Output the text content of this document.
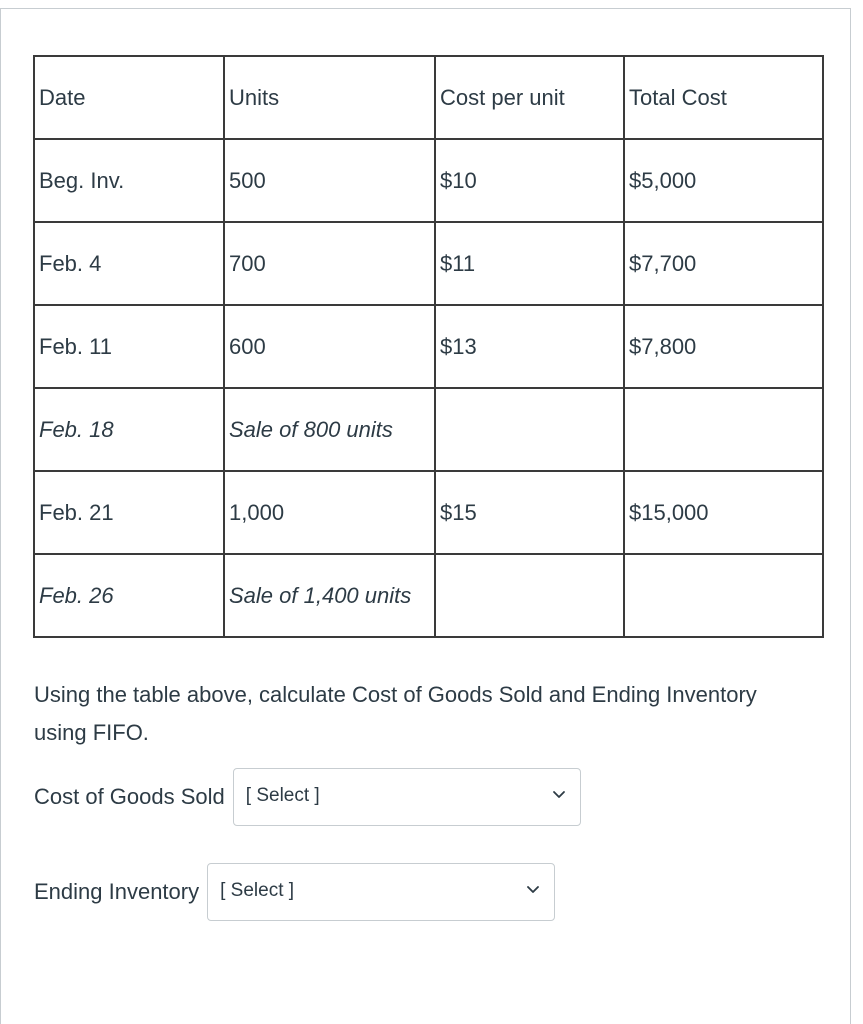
Date	Units	Cost per unit	Total Cost
Beg. Inv.	500	$10	$5,000
Feb. 4	700	$11	$7,700
Feb. 11	600	$13	$7,800
Feb. 18	Sale of 800 units		
Feb. 21	1,000	$15	$15,000
Feb. 26	Sale of 1,400 units		
Using the table above, calculate Cost of Goods Sold and Ending Inventory using FIFO.
Cost of Goods Sold [ Select ]
Ending Inventory [ Select ]
